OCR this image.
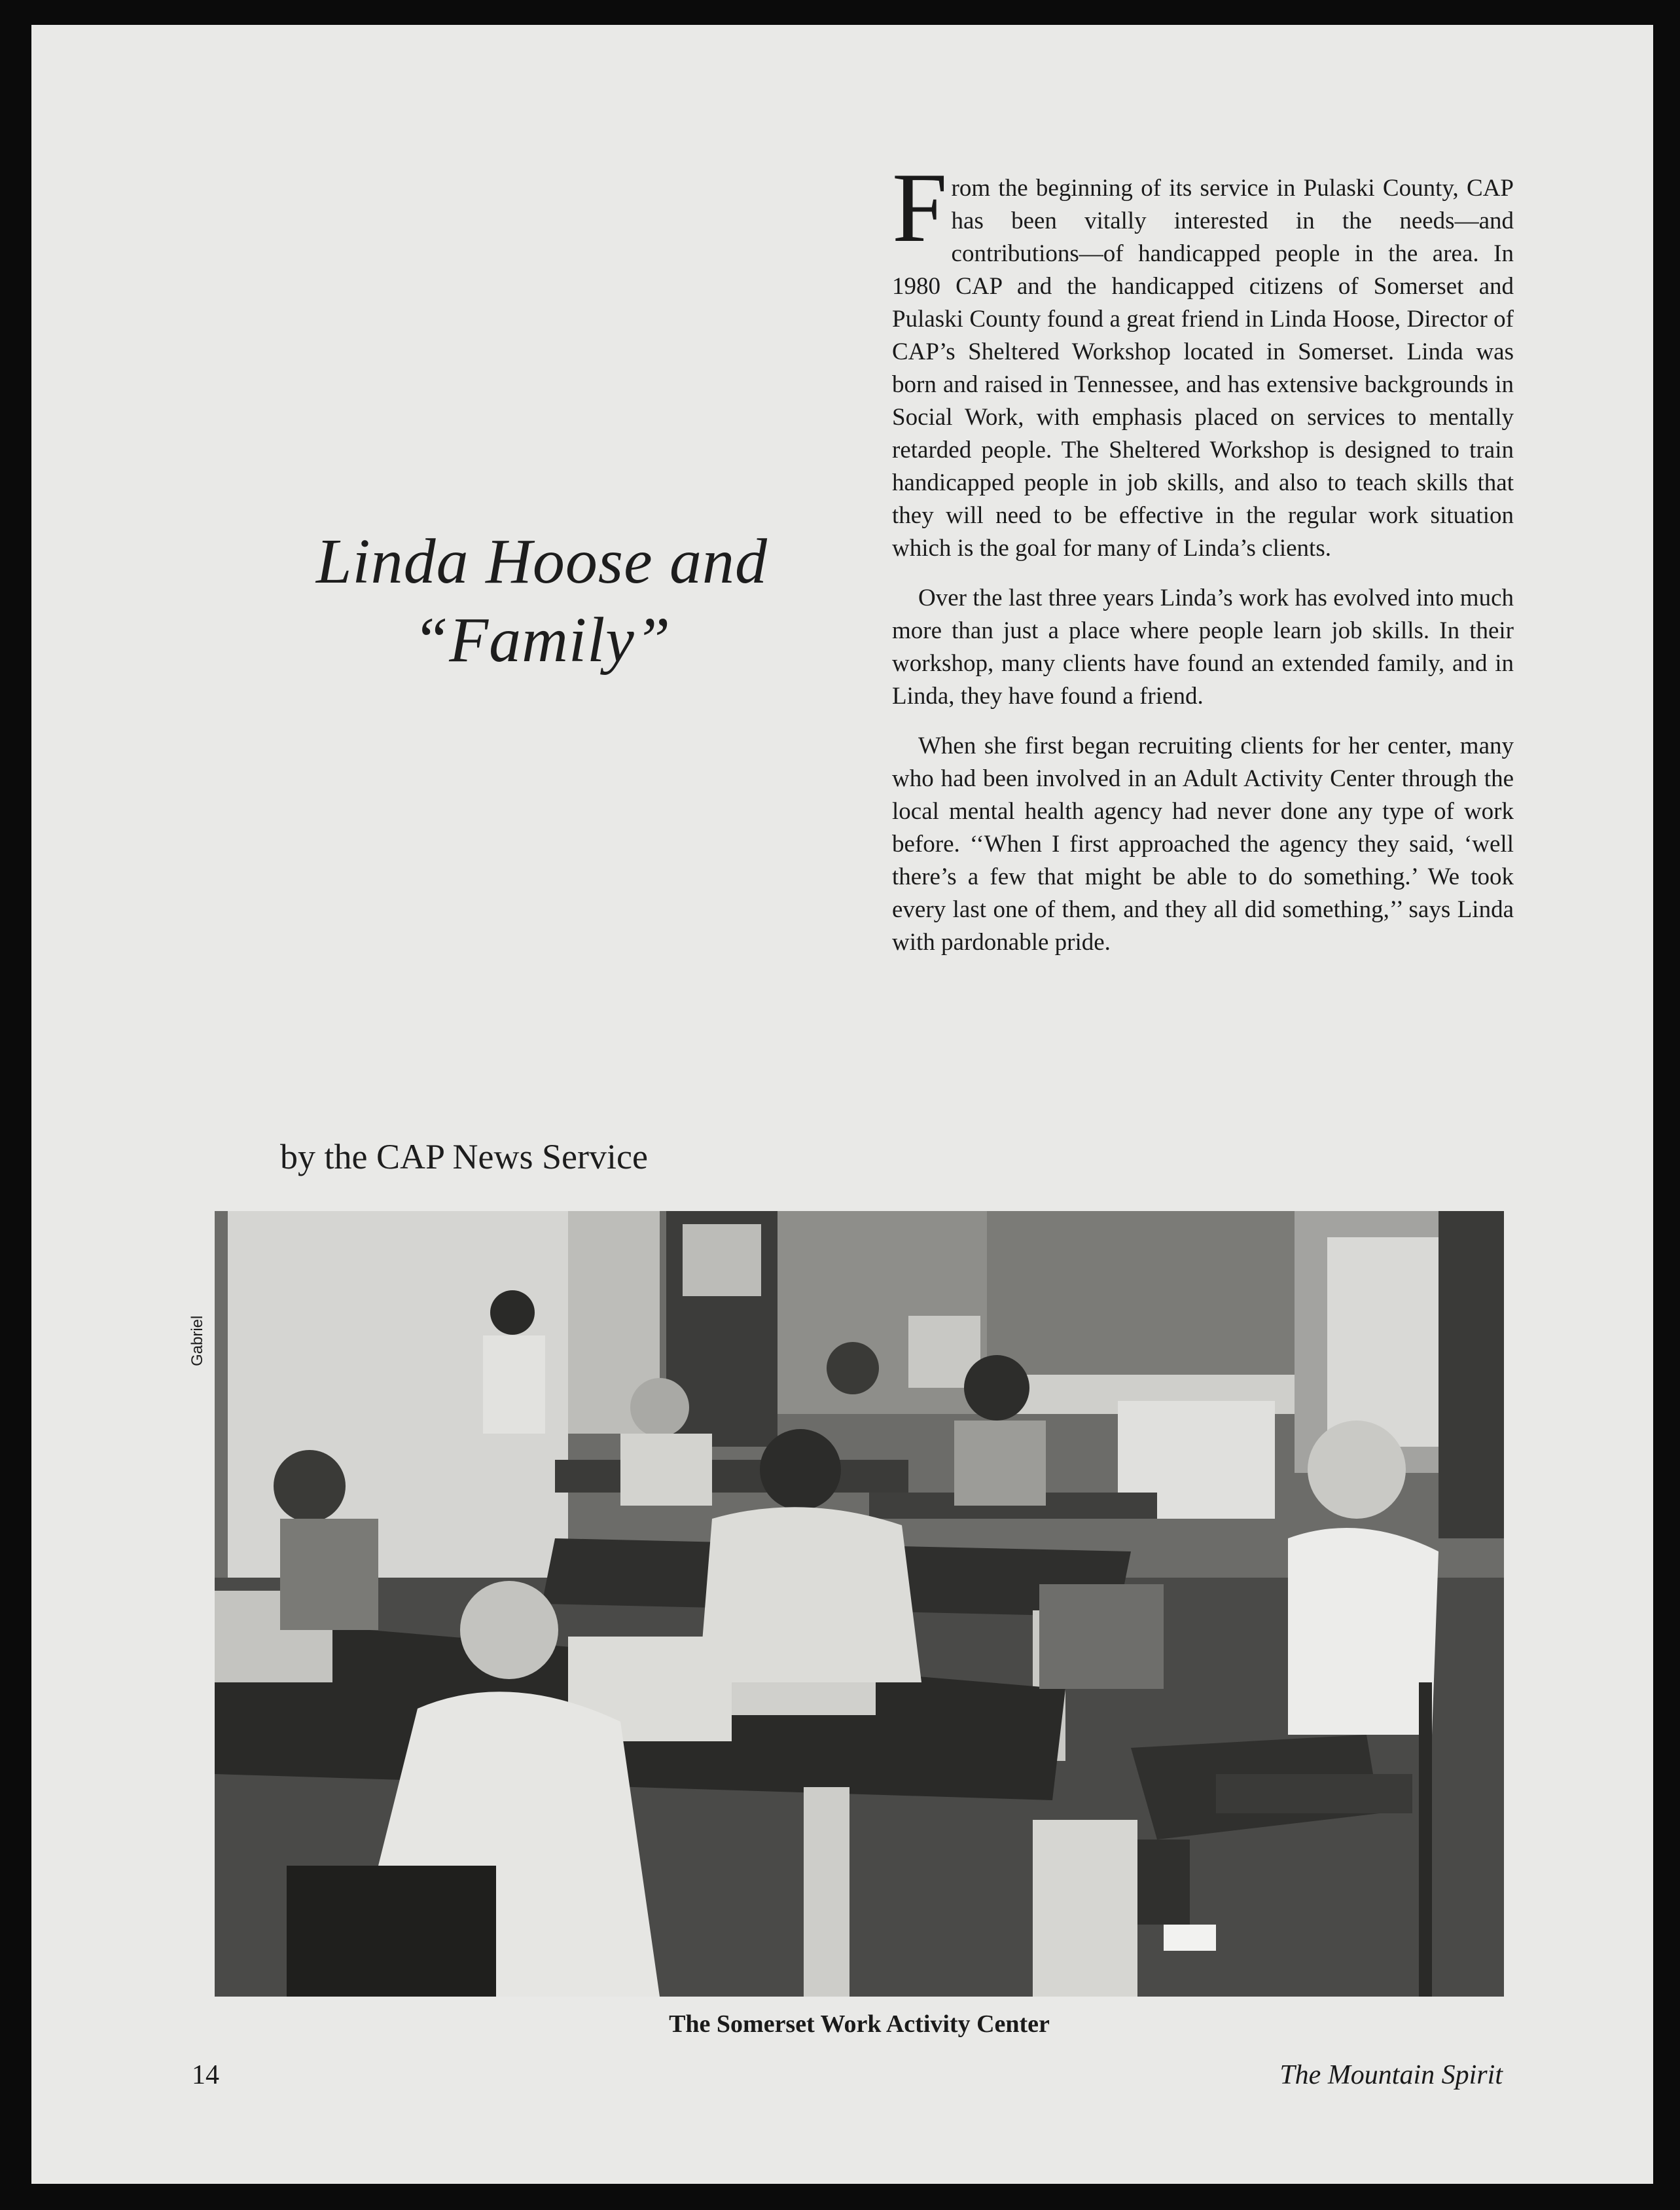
Linda Hoose and
“Family”
by the CAP News Service

From the beginning of its service in Pulaski County, CAP has been vitally interested in the needs—and contributions—of handicapped people in the area. In 1980 CAP and the handicapped citizens of Somerset and Pulaski County found a great friend in Linda Hoose, Director of CAP’s Sheltered Workshop located in Somerset. Linda was born and raised in Tennessee, and has extensive backgrounds in Social Work, with emphasis placed on services to mentally retarded people. The Sheltered Workshop is designed to train handicapped people in job skills, and also to teach skills that they will need to be effective in the regular work situation which is the goal for many of Linda’s clients.

Over the last three years Linda’s work has evolved into much more than just a place where people learn job skills. In their workshop, many clients have found an extended family, and in Linda, they have found a friend.

When she first began recruiting clients for her center, many who had been involved in an Adult Activity Center through the local mental health agency had never done any type of work before. ‘‘When I first approached the agency they said, ‘well there’s a few that might be able to do something.’ We took every last one of them, and they all did something,’’ says Linda with pardonable pride.

Gabriel
The Somerset Work Activity Center
14	The Mountain Spirit
